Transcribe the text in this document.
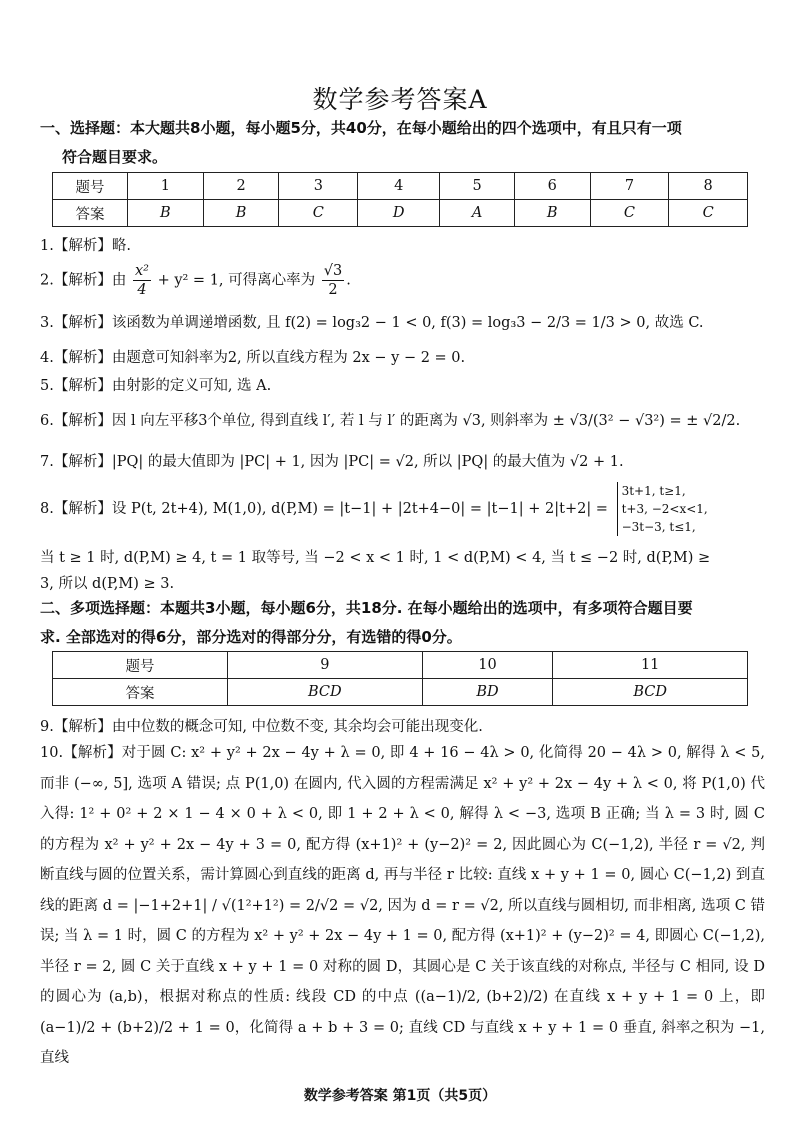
数学参考答案A
一、选择题：本大题共8小题，每小题5分，共40分，在每小题给出的四个选项中，有且只有一项
符合题目要求。
题号	1	2	3	4	5	6	7	8
答案	B	B	C	D	A	B	C	C
1.【解析】略.
2.【解析】由 $\frac{\text{x²}}{4} + y^2 = 1$, 可得离心率为 $\frac{√3}{2}$ .
3.【解析】该函数为单调递增函数, 且 f(2) = log₃2 − 1 < 0, f(3) = log₃3 − 2/3 = 1/3 > 0, 故选 C.
4.【解析】由题意可知斜率为2, 所以直线方程为 2x − y − 2 = 0.
5.【解析】由射影的定义可知, 选 A.
6.【解析】因 l 向左平移3个单位, 得到直线 l′, 若 l 与 l′ 的距离为 √3, 则斜率为 ± √3/(3² − √3²) = ± √2/2.
7.【解析】|PQ| 的最大值即为 |PC| + 1, 因为 |PC| = √2, 所以 |PQ| 的最大值为 √2 + 1.
8.【解析】设 P(t, 2t+4), M(1,0), d(P,M) = |t−1| + |2t+4−0| = |t−1| + 2|t+2| =
3t+1, t≥1,
t+3, −2<x<1,
−3t−3, t≤1,
当 t ≥ 1 时, d(P,M) ≥ 4, t = 1 取等号, 当 −2 < x < 1 时, 1 < d(P,M) < 4, 当 t ≤ −2 时, d(P,M) ≥
3, 所以 d(P,M) ≥ 3.
二、多项选择题：本题共3小题，每小题6分，共18分. 在每小题给出的选项中，有多项符合题目要
求. 全部选对的得6分，部分选对的得部分分，有选错的得0分。
题号	9	10	11
答案	BCD	BD	BCD
9.【解析】由中位数的概念可知, 中位数不变, 其余均会可能出现变化.
10.【解析】对于圆 C: x² + y² + 2x − 4y + λ = 0, 即 4 + 16 − 4λ > 0, 化简得 20 − 4λ > 0, 解得 λ < 5, 而非 (−∞, 5], 选项 A 错误; 点 P(1,0) 在圆内, 代入圆的方程需满足 x² + y² + 2x − 4y + λ < 0, 将 P(1,0) 代入得: 1² + 0² + 2 × 1 − 4 × 0 + λ < 0, 即 1 + 2 + λ < 0, 解得 λ < −3, 选项 B 正确; 当 λ = 3 时, 圆 C 的方程为 x² + y² + 2x − 4y + 3 = 0, 配方得 (x+1)² + (y−2)² = 2, 因此圆心为 C(−1,2), 半径 r = √2, 判断直线与圆的位置关系，需计算圆心到直线的距离 d, 再与半径 r 比较: 直线 x + y + 1 = 0, 圆心 C(−1,2) 到直线的距离 d = |−1+2+1| / √(1²+1²) = 2/√2 = √2, 因为 d = r = √2, 所以直线与圆相切, 而非相离, 选项 C 错误; 当 λ = 1 时，圆 C 的方程为 x² + y² + 2x − 4y + 1 = 0, 配方得 (x+1)² + (y−2)² = 4, 即圆心 C(−1,2), 半径 r = 2, 圆 C 关于直线 x + y + 1 = 0 对称的圆 D，其圆心是 C 关于该直线的对称点, 半径与 C 相同, 设 D 的圆心为 (a,b)，根据对称点的性质: 线段 CD 的中点 ((a−1)/2, (b+2)/2) 在直线 x + y + 1 = 0 上，即 (a−1)/2 + (b+2)/2 + 1 = 0，化简得 a + b + 3 = 0; 直线 CD 与直线 x + y + 1 = 0 垂直, 斜率之积为 −1, 直线
数学参考答案 第1页（共5页）
